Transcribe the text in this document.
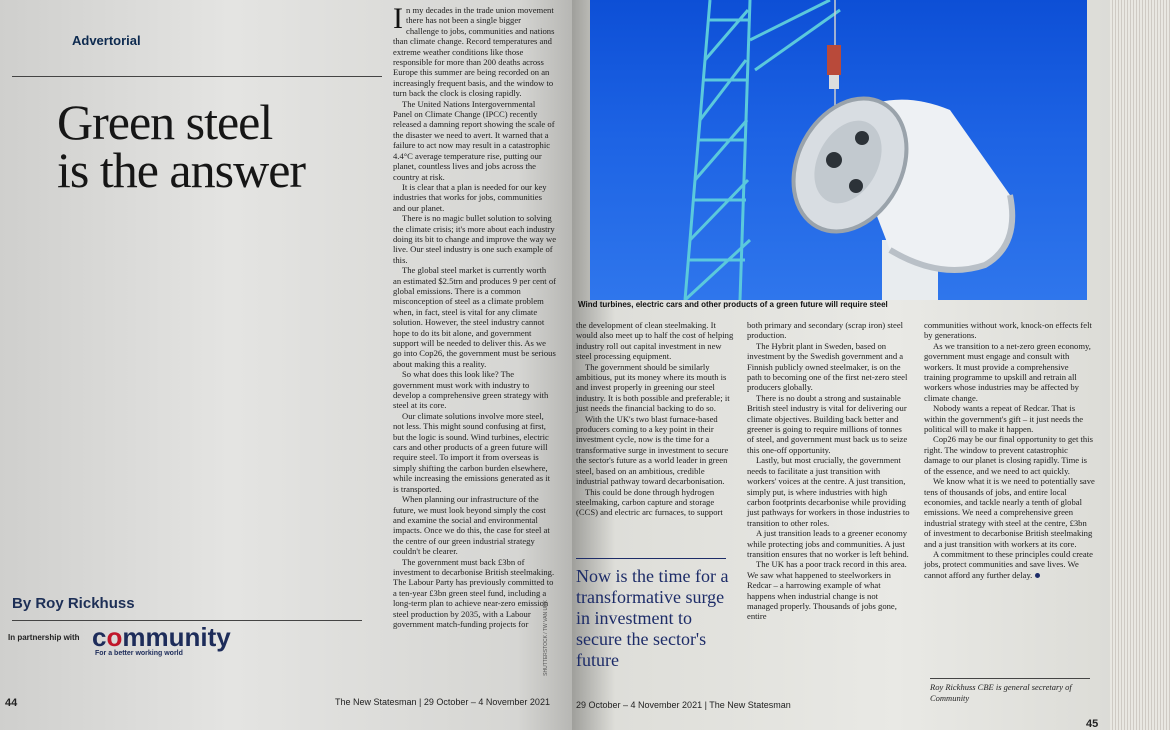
Advertorial
Green steel
is the answer
By Roy Rickhuss
In partnership with community
For a better working world

In my decades in the trade union movement there has not been a single bigger challenge to jobs, communities and nations than climate change. Record temperatures and extreme weather conditions like those responsible for more than 200 deaths across Europe this summer are being recorded on an increasingly frequent basis, and the window to turn back the clock is closing rapidly.

The United Nations Intergovernmental Panel on Climate Change (IPCC) recently released a damning report showing the scale of the disaster we need to avert. It warned that a failure to act now may result in a catastrophic 4.4°C average temperature rise, putting our planet, countless lives and jobs across the country at risk.

It is clear that a plan is needed for our key industries that works for jobs, communities and our planet.

There is no magic bullet solution to solving the climate crisis; it's more about each industry doing its bit to change and improve the way we live. Our steel industry is one such example of this.

The global steel market is currently worth an estimated $2.5trn and produces 9 per cent of global emissions. There is a common misconception of steel as a climate problem when, in fact, steel is vital for any climate solution. However, the steel industry cannot hope to do its bit alone, and government support will be needed to deliver this. As we go into Cop26, the government must be serious about making this a reality.

So what does this look like? The government must work with industry to develop a comprehensive green strategy with steel at its core.

Our climate solutions involve more steel, not less. This might sound confusing at first, but the logic is sound. Wind turbines, electric cars and other products of a green future will require steel. To import it from overseas is simply shifting the carbon burden elsewhere, while increasing the emissions generated as it is transported.

When planning our infrastructure of the future, we must look beyond simply the cost and examine the social and environmental impacts. Once we do this, the case for steel at the centre of our green industrial strategy couldn't be clearer.

The government must back £3bn of investment to decarbonise British steelmaking. The Labour Party has previously committed to a ten-year £3bn green steel fund, including a long-term plan to achieve near-zero emission steel production by 2035, with a Labour government match-funding projects for	SHUTTERSTOCK / TW VAN URK
44	The New Statesman | 29 October – 4 November 2021
Wind turbines, electric cars and other products of a green future will require steel

the development of clean steelmaking. It would also meet up to half the cost of helping industry roll out capital investment in new steel processing equipment.

The government should be similarly ambitious, put its money where its mouth is and invest properly in greening our steel industry. It is both possible and preferable; it just needs the financial backing to do so.

With the UK's two blast furnace-based producers coming to a key point in their investment cycle, now is the time for a transformative surge in investment to secure the sector's future as a world leader in green steel, based on an ambitious, credible industrial pathway toward decarbonisation.

This could be done through hydrogen steelmaking, carbon capture and storage (CCS) and electric arc furnaces, to support

Now is the time for a transformative surge in investment to secure the sector's future

both primary and secondary (scrap iron) steel production.

The Hybrit plant in Sweden, based on investment by the Swedish government and a Finnish publicly owned steelmaker, is on the path to becoming one of the first net-zero steel producers globally.

There is no doubt a strong and sustainable British steel industry is vital for delivering our climate objectives. Building back better and greener is going to require millions of tonnes of steel, and government must back us to seize this one-off opportunity.

Lastly, but most crucially, the government needs to facilitate a just transition with workers' voices at the centre. A just transition, simply put, is where industries with high carbon footprints decarbonise while providing just pathways for workers in those industries to transition to other roles.

A just transition leads to a greener economy while protecting jobs and communities. A just transition ensures that no worker is left behind.

The UK has a poor track record in this area. We saw what happened to steelworkers in Redcar – a harrowing example of what happens when industrial change is not managed properly. Thousands of jobs gone, entire

communities without work, knock-on effects felt by generations.

As we transition to a net-zero green economy, government must engage and consult with workers. It must provide a comprehensive training programme to upskill and retrain all workers whose industries may be affected by climate change.

Nobody wants a repeat of Redcar. That is within the government's gift – it just needs the political will to make it happen.

Cop26 may be our final opportunity to get this right. The window to prevent catastrophic damage to our planet is closing rapidly. Time is of the essence, and we need to act quickly.

We know what it is we need to potentially save tens of thousands of jobs, and entire local economies, and tackle nearly a tenth of global emissions. We need a comprehensive green industrial strategy with steel at the centre, £3bn of investment to decarbonise British steelmaking and a just transition with workers at its core.

A commitment to these principles could create jobs, protect communities and save lives. We cannot afford any further delay.

Roy Rickhuss CBE is general secretary of Community
29 October – 4 November 2021 | The New Statesman
45
